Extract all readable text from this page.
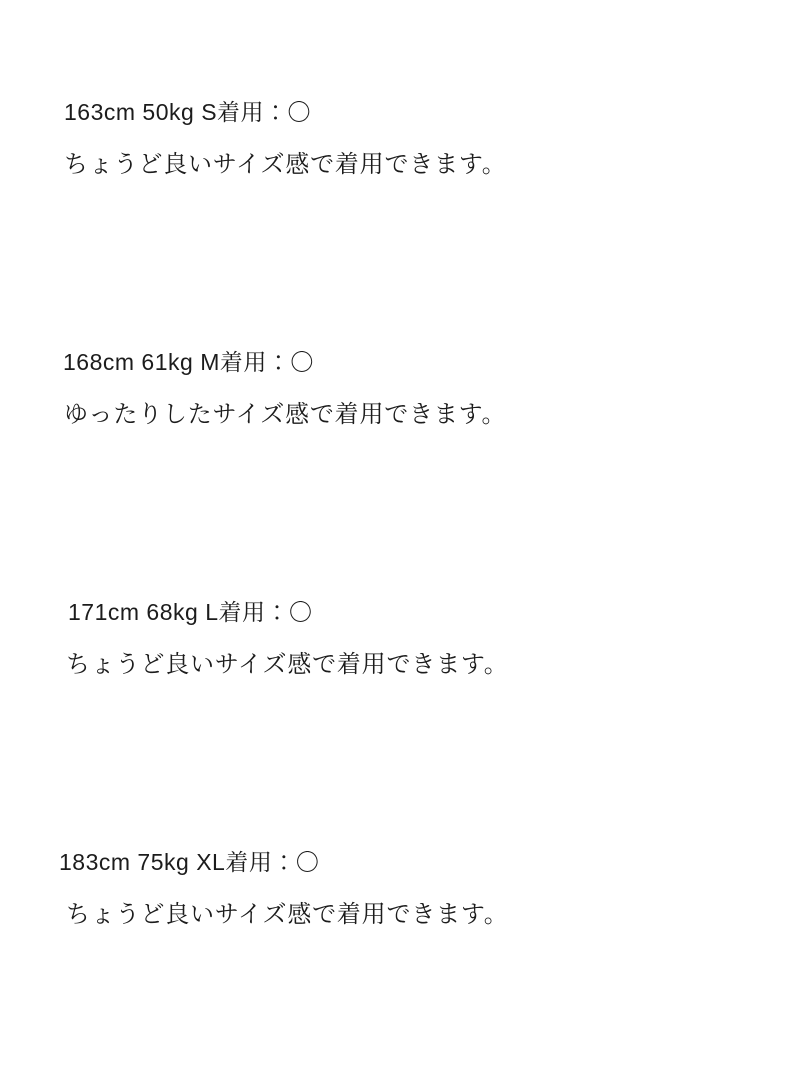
163cm 50kg S着用：〇
ちょうど良いサイズ感で着用できます。
168cm 61kg M着用：〇
ゆったりしたサイズ感で着用できます。
171cm 68kg L着用：〇
ちょうど良いサイズ感で着用できます。
183cm 75kg XL着用：〇
ちょうど良いサイズ感で着用できます。
